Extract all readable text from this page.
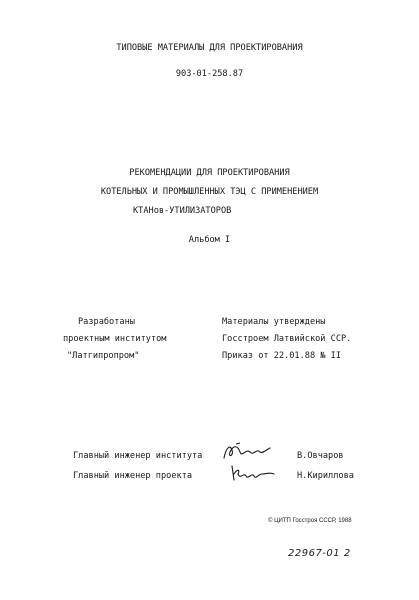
ТИПОВЫЕ МАТЕРИАЛЫ ДЛЯ ПРОЕКТИРОВАНИЯ
903-01-258.87
РЕКОМЕНДАЦИИ ДЛЯ ПРОЕКТИРОВАНИЯ
КОТЕЛЬНЫХ И ПРОМЫШЛЕННЫХ ТЭЦ С ПРИМЕНЕНИЕМ
КТАНов-УТИЛИЗАТОРОВ
Альбом I
Разработаны
проектным институтом
"Латгипропром"
Материалы утверждены
Госстроем Латвийской ССР.
Приказ от 22.01.88 № II
Главный инженер института	В.Овчаров
Главный инженер проекта	Н.Кириллова
© ЦИТП Госстроя СССР, 1988
22967-01 2
